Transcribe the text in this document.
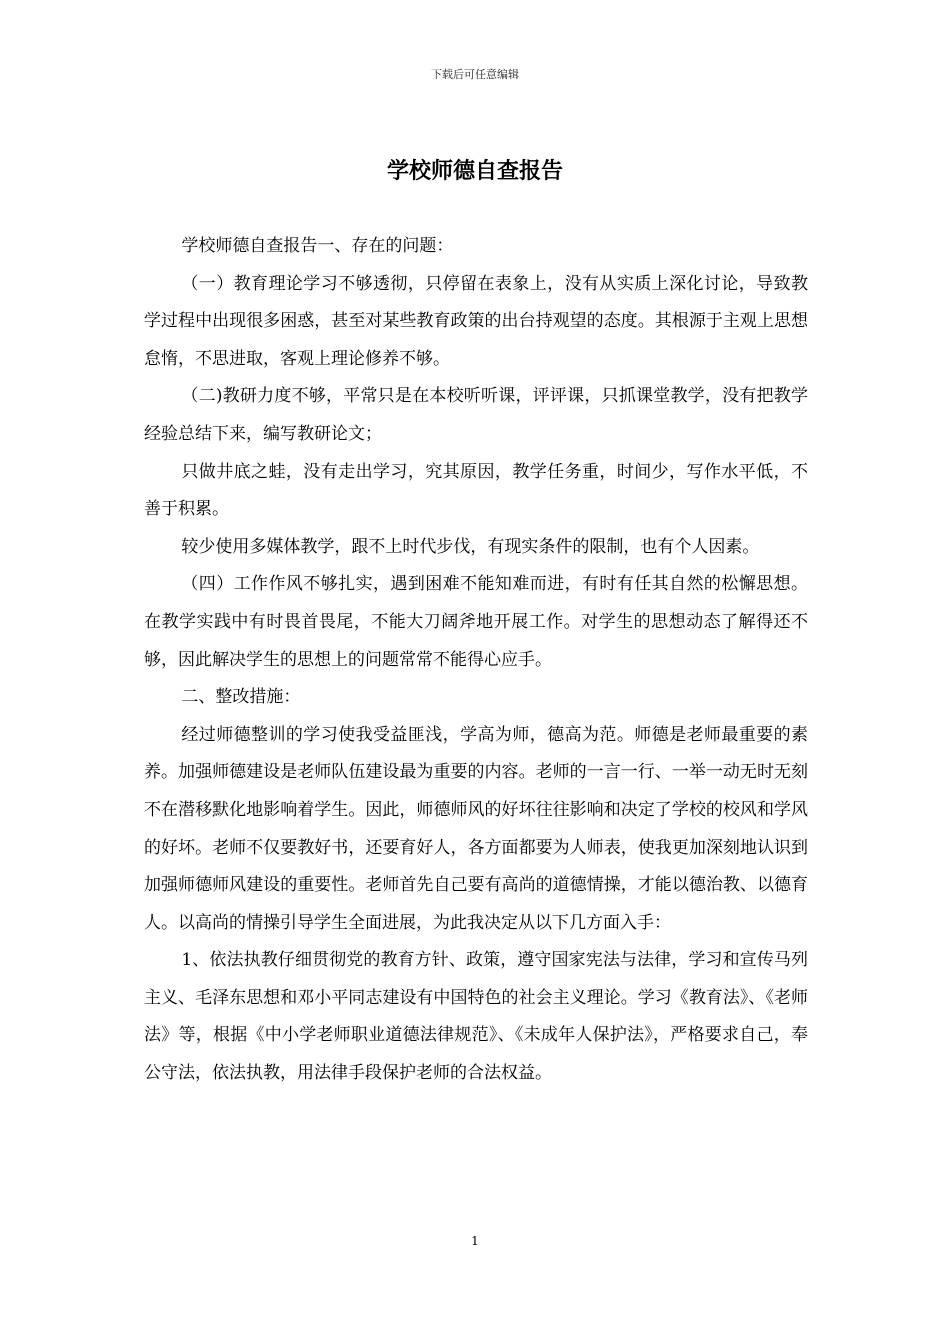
下载后可任意编辑
学校师德自查报告

学校师德自查报告一、存在的问题：

（一）教育理论学习不够透彻，只停留在表象上，没有从实质上深化讨论，导致教学过程中出现很多困惑，甚至对某些教育政策的出台持观望的态度。其根源于主观上思想怠惰，不思进取，客观上理论修养不够。

（二)教研力度不够，平常只是在本校听听课，评评课，只抓课堂教学，没有把教学经验总结下来，编写教研论文；

只做井底之蛙，没有走出学习，究其原因，教学任务重，时间少，写作水平低，不善于积累。

较少使用多媒体教学，跟不上时代步伐，有现实条件的限制，也有个人因素。

（四）工作作风不够扎实，遇到困难不能知难而进，有时有任其自然的松懈思想。在教学实践中有时畏首畏尾，不能大刀阔斧地开展工作。对学生的思想动态了解得还不够，因此解决学生的思想上的问题常常不能得心应手。

二、整改措施：

经过师德整训的学习使我受益匪浅，学高为师，德高为范。师德是老师最重要的素养。加强师德建设是老师队伍建设最为重要的内容。老师的一言一行、一举一动无时无刻不在潜移默化地影响着学生。因此，师德师风的好坏往往影响和决定了学校的校风和学风的好坏。老师不仅要教好书，还要育好人，各方面都要为人师表，使我更加深刻地认识到加强师德师风建设的重要性。老师首先自己要有高尚的道德情操，才能以德治教、以德育人。以高尚的情操引导学生全面进展，为此我决定从以下几方面入手：

1、依法执教仔细贯彻党的教育方针、政策，遵守国家宪法与法律，学习和宣传马列主义、毛泽东思想和邓小平同志建设有中国特色的社会主义理论。学习《教育法》、《老师法》等，根据《中小学老师职业道德法律规范》、《未成年人保护法》，严格要求自己，奉公守法，依法执教，用法律手段保护老师的合法权益。

1
